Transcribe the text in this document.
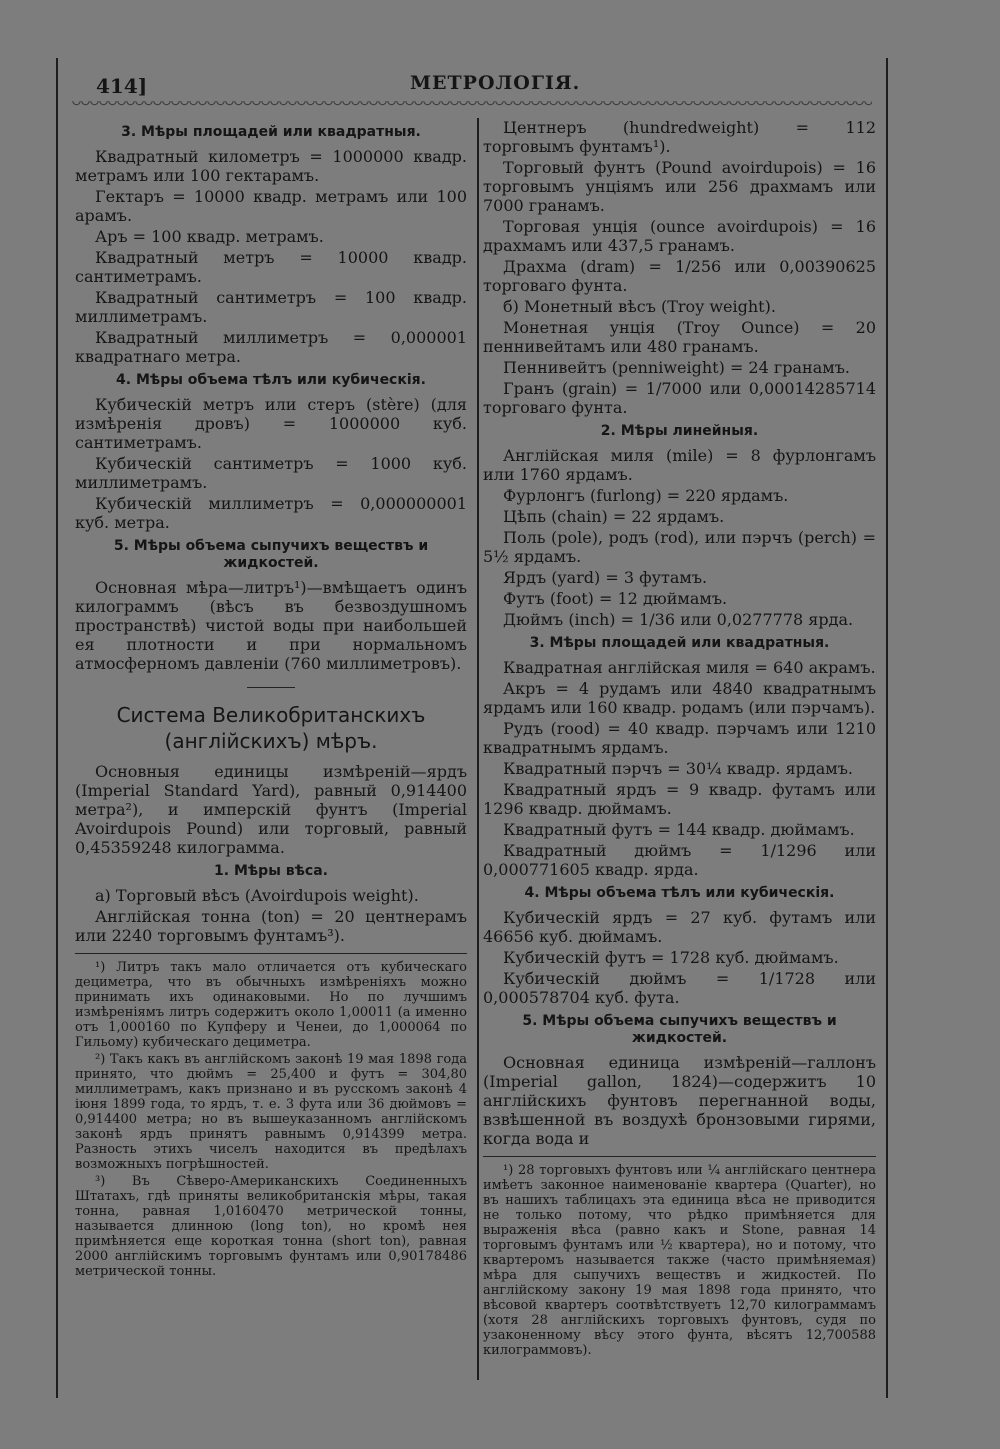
414]	МЕТРОЛОГІЯ.
3. Мѣры площадей или квадратныя.

Квадратный километръ = 1000000 квадр. метрамъ или 100 гектарамъ.

Гектаръ = 10000 квадр. метрамъ или 100 арамъ.

Аръ = 100 квадр. метрамъ.

Квадратный метръ = 10000 квадр. сантиметрамъ.

Квадратный сантиметръ = 100 квадр. миллиметрамъ.

Квадратный миллиметръ = 0,000001 квадратнаго метра.

4. Мѣры объема тѣлъ или кубическія.

Кубическій метръ или стеръ (stère) (для измѣренія дровъ) = 1000000 куб. сантиметрамъ.

Кубическій сантиметръ = 1000 куб. миллиметрамъ.

Кубическій миллиметръ = 0,000000001 куб. метра.

5. Мѣры объема сыпучихъ веществъ и жидкостей.

Основная мѣра—литръ¹)—вмѣщаетъ одинъ килограммъ (вѣсъ въ безвоздушномъ пространствѣ) чистой воды при наибольшей ея плотности и при нормальномъ атмосферномъ давленіи (760 миллиметровъ).

Система Великобританскихъ (англійскихъ) мѣръ.

Основныя единицы измѣреній—ярдъ (Imperial Standard Yard), равный 0,914400 метра²), и имперскій фунтъ (Imperial Avoirdupois Pound) или торговый, равный 0,45359248 килограмма.

1. Мѣры вѣса.

а) Торговый вѣсъ (Avoirdupois weight).

Англійская тонна (ton) = 20 центнерамъ или 2240 торговымъ фунтамъ³).

¹) Литръ такъ мало отличается отъ кубическаго дециметра, что въ обычныхъ измѣреніяхъ можно принимать ихъ одинаковыми. Но по лучшимъ измѣреніямъ литръ содержитъ около 1,00011 (а именно отъ 1,000160 по Купферу и Ченеи, до 1,000064 по Гильому) кубическаго дециметра.

²) Такъ какъ въ англійскомъ законѣ 19 мая 1898 года принято, что дюймъ = 25,400 и футъ = 304,80 миллиметрамъ, какъ признано и въ русскомъ законѣ 4 іюня 1899 года, то ярдъ, т. е. 3 фута или 36 дюймовъ = 0,914400 метра; но въ вышеуказанномъ англійскомъ законѣ ярдъ принятъ равнымъ 0,914399 метра. Разность этихъ чиселъ находится въ предѣлахъ возможныхъ погрѣшностей.

³) Въ Сѣверо-Американскихъ Соединенныхъ Штатахъ, гдѣ приняты великобританскія мѣры, такая тонна, равная 1,0160470 метрической тонны, называется длинною (long ton), но кромѣ нея примѣняется еще короткая тонна (short ton), равная 2000 англійскимъ торговымъ фунтамъ или 0,90178486 метрической тонны.

Центнеръ (hundredweight) = 112 торговымъ фунтамъ¹).

Торговый фунтъ (Pound avoirdupois) = 16 торговымъ унціямъ или 256 драхмамъ или 7000 гранамъ.

Торговая унція (ounce avoirdupois) = 16 драхмамъ или 437,5 гранамъ.

Драхма (dram) = 1/256 или 0,00390625 торговаго фунта.

б) Монетный вѣсъ (Troy weight).

Монетная унція (Troy Ounce) = 20 пеннивейтамъ или 480 гранамъ.

Пеннивейтъ (penniweight) = 24 гранамъ.

Гранъ (grain) = 1/7000 или 0,00014285714 торговаго фунта.

2. Мѣры линейныя.

Англійская миля (mile) = 8 фурлонгамъ или 1760 ярдамъ.

Фурлонгъ (furlong) = 220 ярдамъ.

Цѣпь (chain) = 22 ярдамъ.

Поль (pole), родъ (rod), или пэрчъ (perch) = 5½ ярдамъ.

Ярдъ (yard) = 3 футамъ.

Футъ (foot) = 12 дюймамъ.

Дюймъ (inch) = 1/36 или 0,0277778 ярда.

3. Мѣры площадей или квадратныя.

Квадратная англійская миля = 640 акрамъ.

Акръ = 4 рудамъ или 4840 квадратнымъ ярдамъ или 160 квадр. родамъ (или пэрчамъ).

Рудъ (rood) = 40 квадр. пэрчамъ или 1210 квадратнымъ ярдамъ.

Квадратный пэрчъ = 30¼ квадр. ярдамъ.

Квадратный ярдъ = 9 квадр. футамъ или 1296 квадр. дюймамъ.

Квадратный футъ = 144 квадр. дюймамъ.

Квадратный дюймъ = 1/1296 или 0,000771605 квадр. ярда.

4. Мѣры объема тѣлъ или кубическія.

Кубическій ярдъ = 27 куб. футамъ или 46656 куб. дюймамъ.

Кубическій футъ = 1728 куб. дюймамъ.

Кубическій дюймъ = 1/1728 или 0,000578704 куб. фута.

5. Мѣры объема сыпучихъ веществъ и жидкостей.

Основная единица измѣреній—галлонъ (Imperial gallon, 1824)—содержитъ 10 англійскихъ фунтовъ перегнанной воды, взвѣшенной въ воздухѣ бронзовыми гирями, когда вода и

¹) 28 торговыхъ фунтовъ или ¼ англійскаго центнера имѣетъ законное наименованіе квартера (Quarter), но въ нашихъ таблицахъ эта единица вѣса не приводится не только потому, что рѣдко примѣняется для выраженія вѣса (равно какъ и Stone, равная 14 торговымъ фунтамъ или ½ квартера), но и потому, что квартеромъ называется также (часто примѣняемая) мѣра для сыпучихъ веществъ и жидкостей. По англійскому закону 19 мая 1898 года принято, что вѣсовой квартеръ соотвѣтствуетъ 12,70 килограммамъ (хотя 28 англійскихъ торговыхъ фунтовъ, судя по узаконенному вѣсу этого фунта, вѣсятъ 12,700588 килограммовъ).
